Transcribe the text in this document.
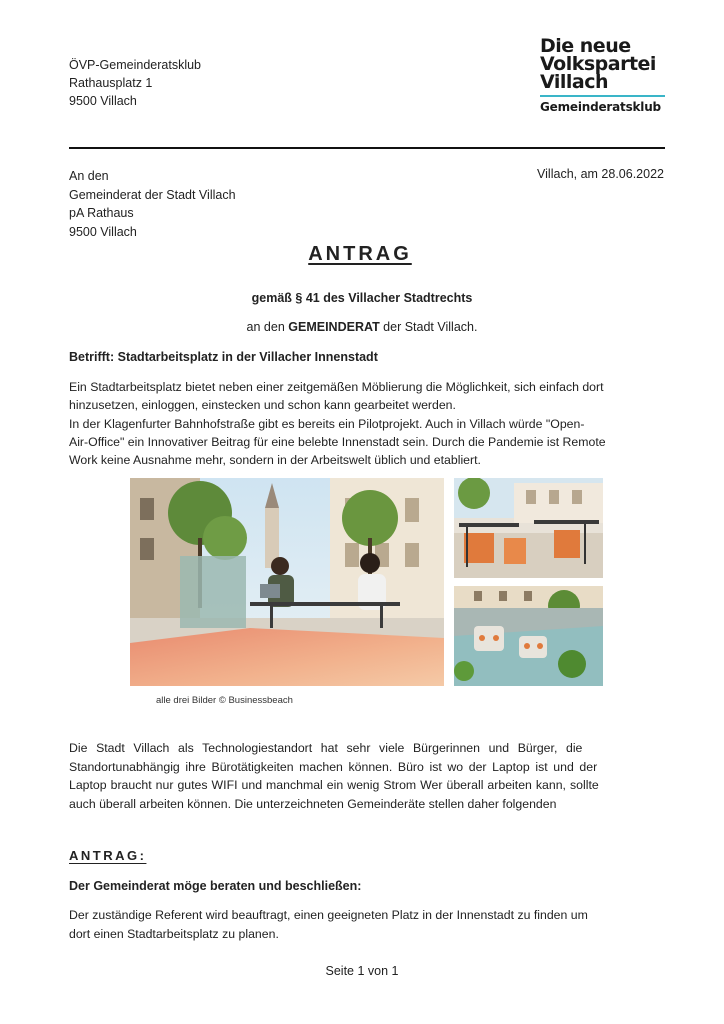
ÖVP-Gemeinderatsklub
Rathausplatz 1
9500 Villach
Die neue
Volkspartei
Villach
Gemeinderatsklub
An den
Gemeinderat der Stadt Villach
pA Rathaus
9500 Villach
Villach, am 28.06.2022
ANTRAG
gemäß § 41 des Villacher Stadtrechts
an den GEMEINDERAT der Stadt Villach.
Betrifft: Stadtarbeitsplatz in der Villacher Innenstadt
Ein Stadtarbeitsplatz bietet neben einer zeitgemäßen Möblierung die Möglichkeit, sich einfach dort
hinzusetzen, einloggen, einstecken und schon kann gearbeitet werden.
In der Klagenfurter Bahnhofstraße gibt es bereits ein Pilotprojekt. Auch in Villach würde "Open-
Air-Office" ein Innovativer Beitrag für eine belebte Innenstadt sein. Durch die Pandemie ist Remote
Work keine Ausnahme mehr, sondern in der Arbeitswelt üblich und etabliert.
alle drei Bilder © Businessbeach
Die Stadt Villach als Technologiestandort hat sehr viele Bürgerinnen und Bürger, die
Standortunabhängig ihre Bürotätigkeiten machen können. Büro ist wo der Laptop ist und der
Laptop braucht nur gutes WIFI und manchmal ein wenig Strom Wer überall arbeiten kann, sollte
auch überall arbeiten können. Die unterzeichneten Gemeinderäte stellen daher folgenden
ANTRAG:
Der Gemeinderat möge beraten und beschließen:
Der zuständige Referent wird beauftragt, einen geeigneten Platz in der Innenstadt zu finden um
dort einen Stadtarbeitsplatz zu planen.
Seite 1 von 1
